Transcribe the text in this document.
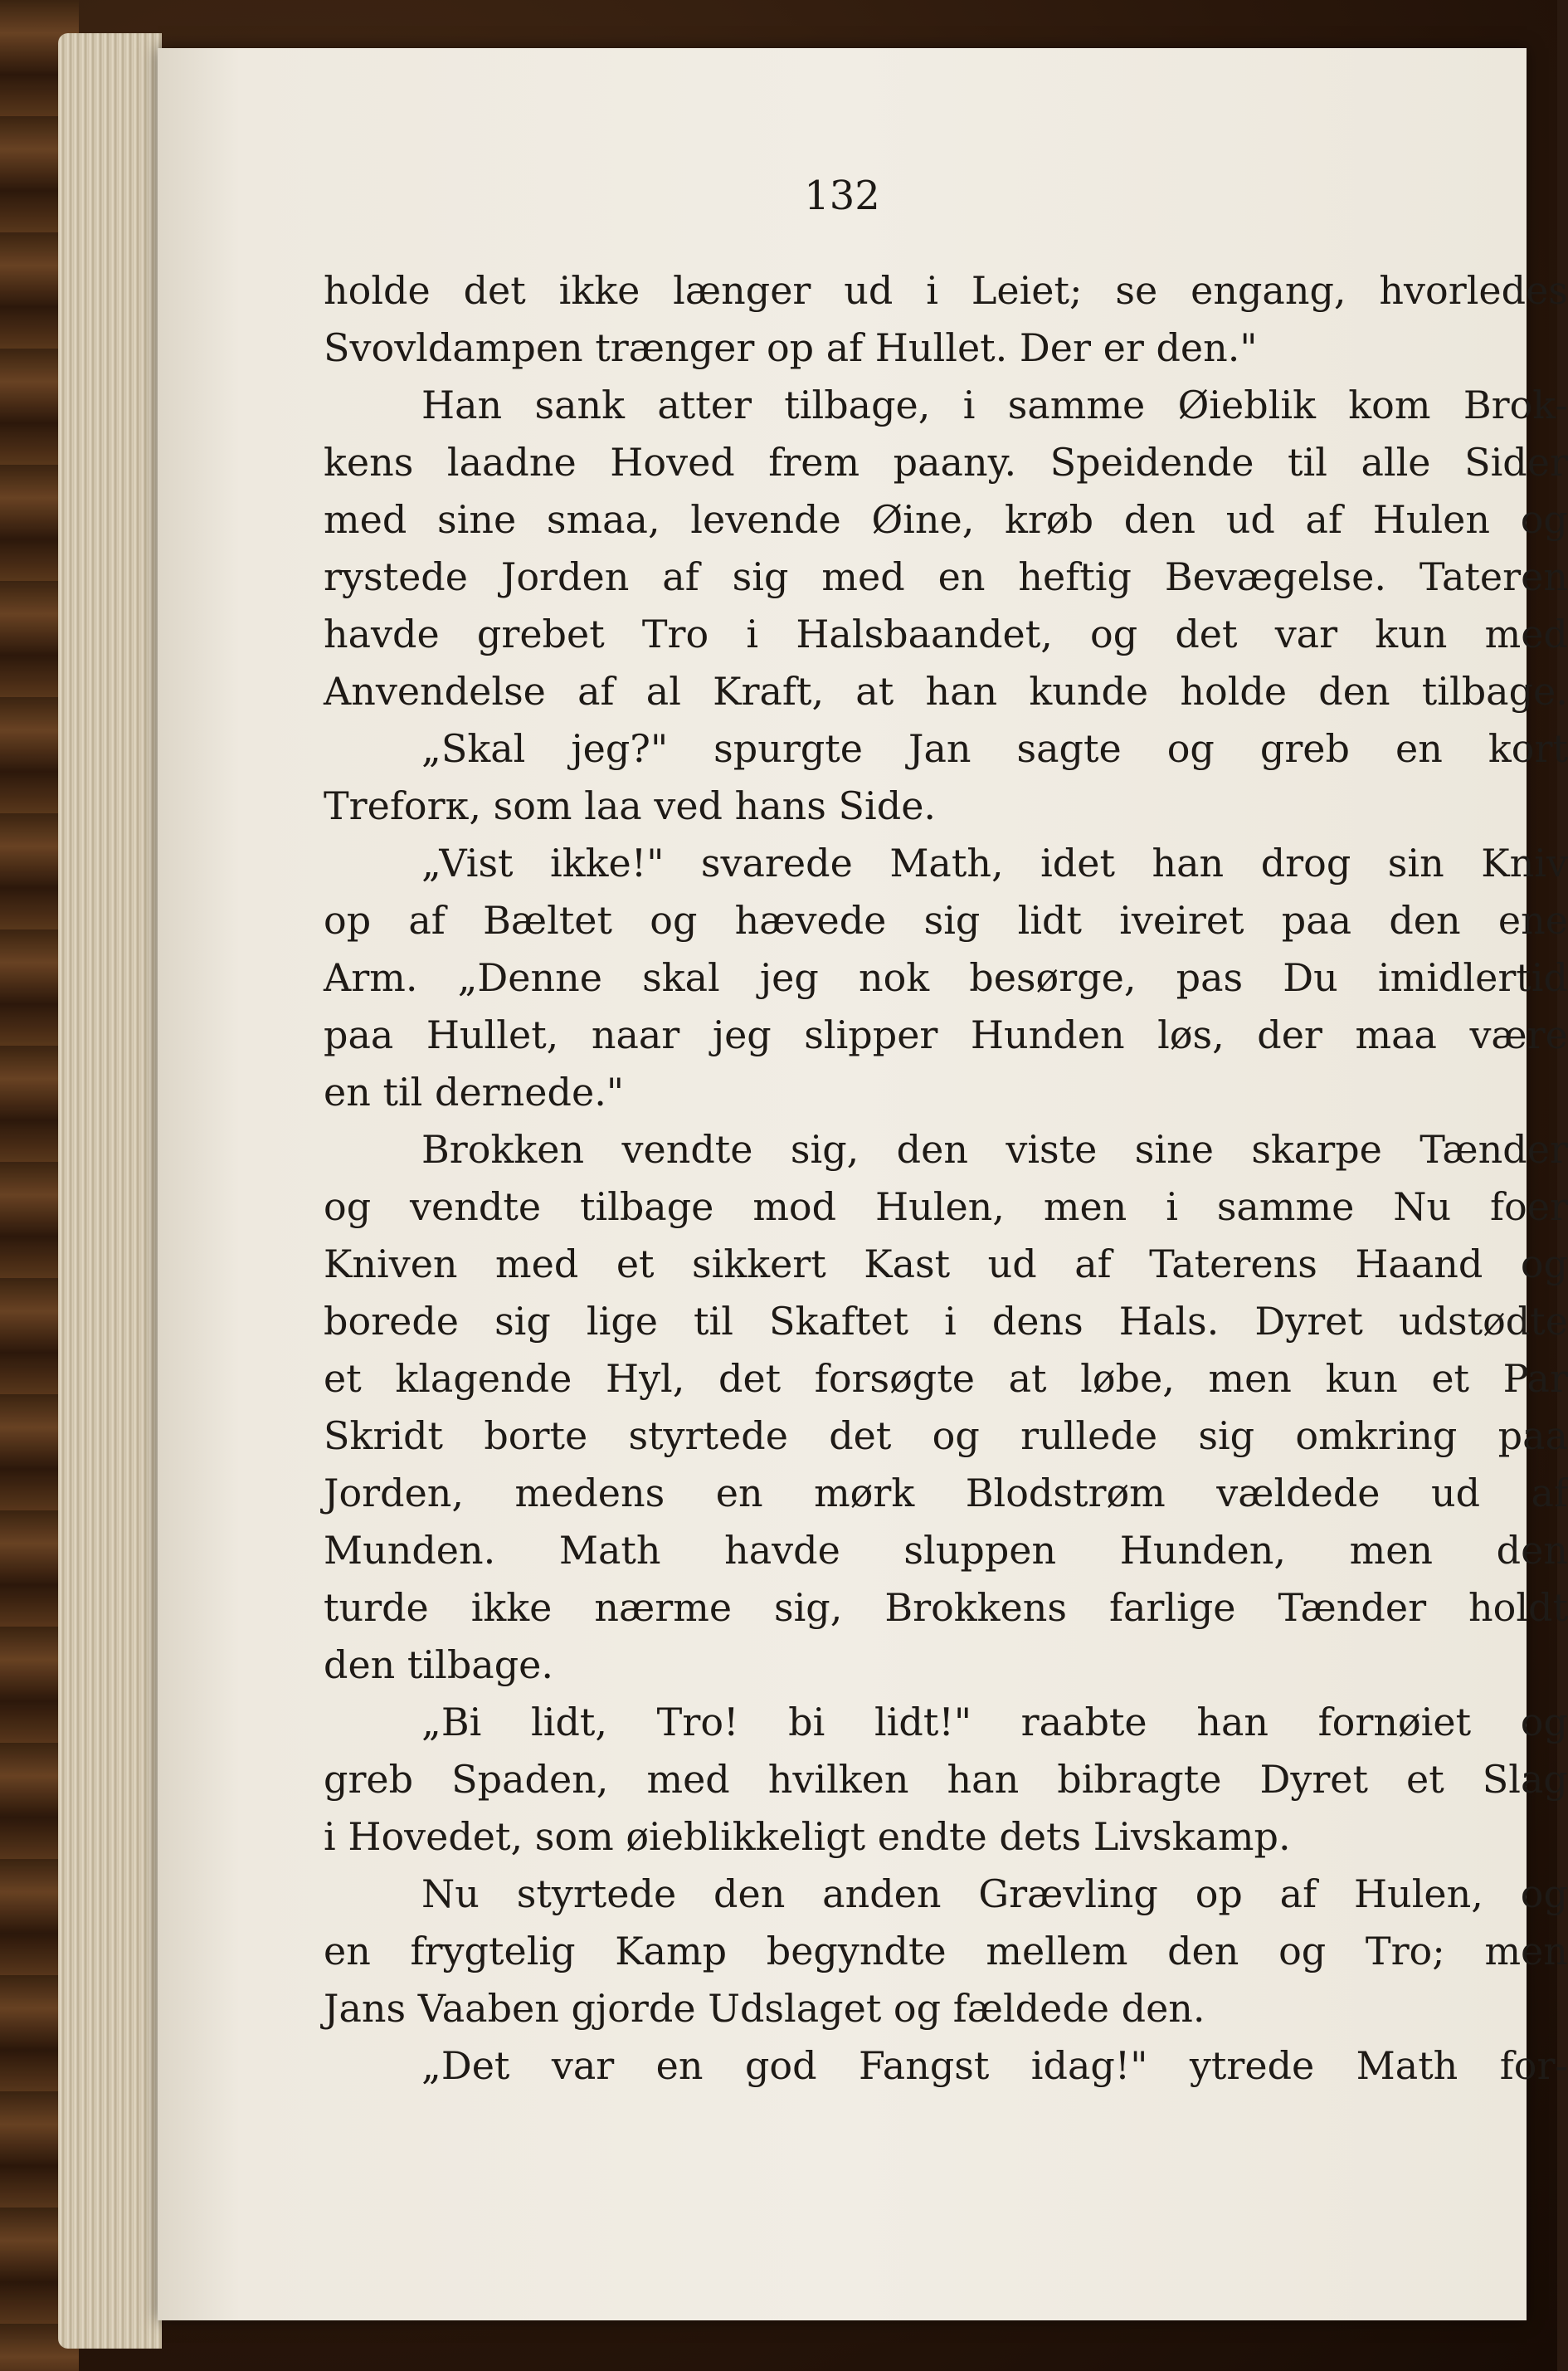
132
holde det ikke længer ud i Leiet; se engang, hvorledes
Svovldampen trænger op af Hullet. Der er den."
Han sank atter tilbage, i samme Øieblik kom Brok-
kens laadne Hoved frem paany. Speidende til alle Sider
med sine smaa, levende Øine, krøb den ud af Hulen og
rystede Jorden af sig med en heftig Bevægelse. Tateren
havde grebet Tro i Halsbaandet, og det var kun med
Anvendelse af al Kraft, at han kunde holde den tilbage.
„Skal jeg?" spurgte Jan sagte og greb en kort
Treforк, som laa ved hans Side.
„Vist ikke!" svarede Math, idet han drog sin Kniv
op af Bæltet og hævede sig lidt iveiret paa den ene
Arm. „Denne skal jeg nok besørge, pas Du imidlertid
paa Hullet, naar jeg slipper Hunden løs, der maa være
en til dernede."
Brokken vendte sig, den viste sine skarpe Tænder
og vendte tilbage mod Hulen, men i samme Nu foer
Kniven med et sikkert Kast ud af Taterens Haand og
borede sig lige til Skaftet i dens Hals. Dyret udstødte
et klagende Hyl, det forsøgte at løbe, men kun et Par
Skridt borte styrtede det og rullede sig omkring paa
Jorden, medens en mørk Blodstrøm vældede ud af
Munden. Math havde sluppen Hunden, men den
turde ikke nærme sig, Brokkens farlige Tænder holdt
den tilbage.
„Bi lidt, Tro! bi lidt!" raabte han fornøiet og
greb Spaden, med hvilken han bibragte Dyret et Slag
i Hovedet, som øieblikkeligt endte dets Livskamp.
Nu styrtede den anden Grævling op af Hulen, og
en frygtelig Kamp begyndte mellem den og Tro; men
Jans Vaaben gjorde Udslaget og fældede den.
„Det var en god Fangst idag!" ytrede Math for-
